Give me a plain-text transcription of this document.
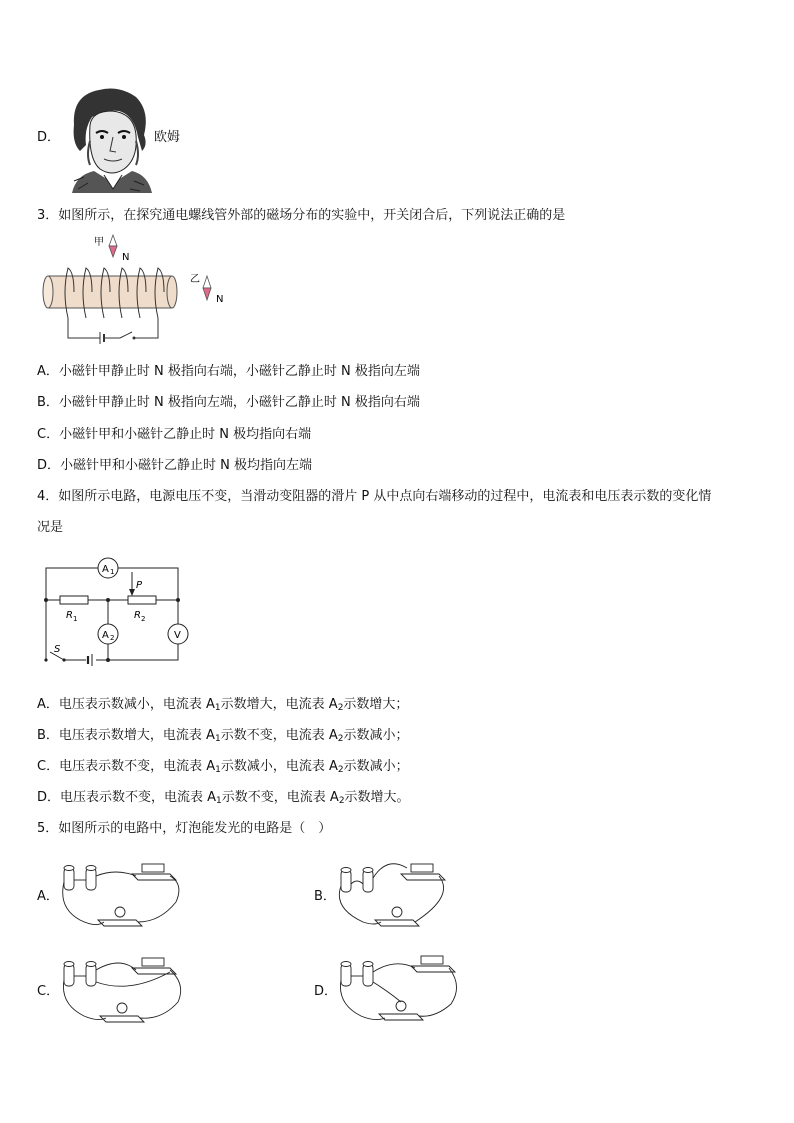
D．	欧姆
3．如图所示，在探究通电螺线管外部的磁场分布的实验中，开关闭合后，下列说法正确的是
甲
N
乙
N
A．小磁针甲静止时 N 极指向右端，小磁针乙静止时 N 极指向左端
B．小磁针甲静止时 N 极指向左端，小磁针乙静止时 N 极指向右端
C．小磁针甲和小磁针乙静止时 N 极均指向右端
D．小磁针甲和小磁针乙静止时 N 极均指向左端
4．如图所示电路，电源电压不变，当滑动变阻器的滑片 P 从中点向右端移动的过程中，电流表和电压表示数的变化情
况是
A 1
A 2	V
P
R 1	R 2
S
A．电压表示数减小，电流表 $A_1$示数增大，电流表 $A_2$示数增大；
B．电压表示数增大，电流表 $A_1$示数不变，电流表 $A_2$示数减小；
C．电压表示数不变，电流表 $A_1$示数减小，电流表 $A_2$示数减小；
D．电压表示数不变，电流表 $A_1$示数不变，电流表 $A_2$示数增大。
5．如图所示的电路中，灯泡能发光的电路是（　）
A．	B．
C．	D．
